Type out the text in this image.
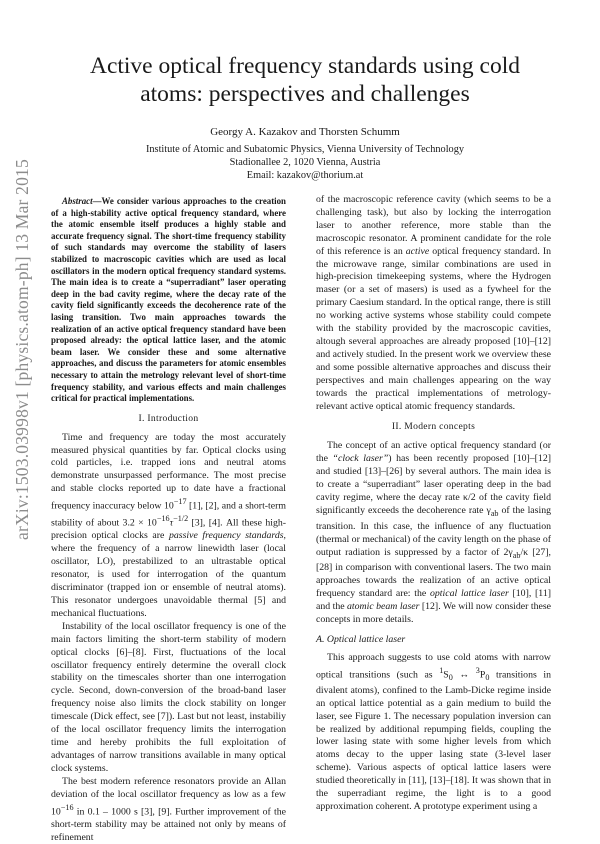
arXiv:1503.03998v1 [physics.atom-ph] 13 Mar 2015
Active optical frequency standards using cold atoms: perspectives and challenges
Georgy A. Kazakov and Thorsten Schumm
Institute of Atomic and Subatomic Physics, Vienna University of Technology
Stadionallee 2, 1020 Vienna, Austria
Email: kazakov@thorium.at

Abstract—We consider various approaches to the creation of a high-stability active optical frequency standard, where the atomic ensemble itself produces a highly stable and accurate frequency signal. The short-time frequency stability of such standards may overcome the stability of lasers stabilized to macroscopic cavities which are used as local oscillators in the modern optical frequency standard systems. The main idea is to create a “superradiant” laser operating deep in the bad cavity regime, where the decay rate of the cavity field significantly exceeds the decoherence rate of the lasing transition. Two main approaches towards the realization of an active optical frequency standard have been proposed already: the optical lattice laser, and the atomic beam laser. We consider these and some alternative approaches, and discuss the parameters for atomic ensembles necessary to attain the metrology relevant level of short-time frequency stability, and various effects and main challenges critical for practical implementations.

I. Introduction

Time and frequency are today the most accurately measured physical quantities by far. Optical clocks using cold particles, i.e. trapped ions and neutral atoms demonstrate unsurpassed performance. The most precise and stable clocks reported up to date have a fractional frequency inaccuracy below $10^{-17}$ [1], [2], and a short-term stability of about $3.2 \times 10^{-16}\tau^{-1/2}$ [3], [4]. All these high-precision optical clocks are passive frequency standards, where the frequency of a narrow linewidth laser (local oscillator, LO), prestabilized to an ultrastable optical resonator, is used for interrogation of the quantum discriminator (trapped ion or ensemble of neutral atoms). This resonator undergoes unavoidable thermal [5] and mechanical fluctuations.

Instability of the local oscillator frequency is one of the main factors limiting the short-term stability of modern optical clocks [6]–[8]. First, fluctuations of the local oscillator frequency entirely determine the overall clock stability on the timescales shorter than one interrogation cycle. Second, down-conversion of the broad-band laser frequency noise also limits the clock stability on longer timescale (Dick effect, see [7]). Last but not least, instabiliy of the local oscillator frequency limits the interrogation time and hereby prohibits the full exploitation of advantages of narrow transitions available in many optical clock systems.

The best modern reference resonators provide an Allan deviation of the local oscillator frequency as low as a few $10^{-16}$ in 0.1 – 1000 s [3], [9]. Further improvement of the short-term stability may be attained not only by means of refinement

of the macroscopic reference cavity (which seems to be a challenging task), but also by locking the interrogation laser to another reference, more stable than the macroscopic resonator. A prominent candidate for the role of this reference is an active optical frequency standard. In the microwave range, similar combinations are used in high-precision timekeeping systems, where the Hydrogen maser (or a set of masers) is used as a fywheel for the primary Caesium standard. In the optical range, there is still no working active systems whose stability could compete with the stability provided by the macroscopic cavities, altough several approaches are already proposed [10]–[12] and actively studied. In the present work we overview these and some possible alternative approaches and discuss their perspectives and main challenges appearing on the way towards the practical implementations of metrology-relevant active optical atomic frequency standards.

II. Modern concepts

The concept of an active optical frequency standard (or the “clock laser”) has been recently proposed [10]–[12] and studied [13]–[26] by several authors. The main idea is to create a “superradiant” laser operating deep in the bad cavity regime, where the decay rate κ/2 of the cavity field significantly exceeds the decoherence rate $\gamma_{ab}$ of the lasing transition. In this case, the influence of any fluctuation (thermal or mechanical) of the cavity length on the phase of output radiation is suppressed by a factor of $2\gamma_{ab}/\kappa$ [27], [28] in comparison with conventional lasers. The two main approaches towards the realization of an active optical frequency standard are: the optical lattice laser [10], [11] and the atomic beam laser [12]. We will now consider these concepts in more details.

A. Optical lattice laser

This approach suggests to use cold atoms with narrow optical transitions (such as $^1S_0$ ↔ $^3P_0$ transitions in divalent atoms), confined to the Lamb-Dicke regime inside an optical lattice potential as a gain medium to build the laser, see Figure 1. The necessary population inversion can be realized by additional repumping fields, coupling the lower lasing state with some higher levels from which atoms decay to the upper lasing state (3-level laser scheme). Various aspects of optical lattice lasers were studied theoretically in [11], [13]–[18]. It was shown that in the superradiant regime, the light is to a good approximation coherent. A prototype experiment using a
